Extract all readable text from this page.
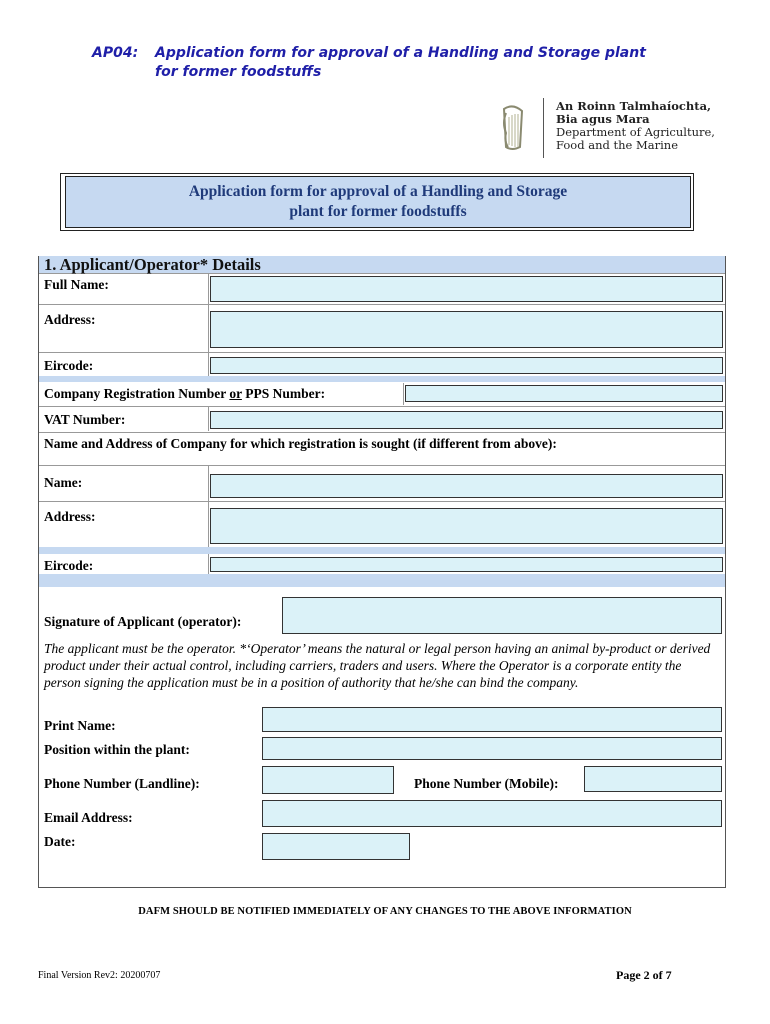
AP04: Application form for approval of a Handling and Storage plant
for former foodstuffs
An Roinn Talmhaíochta,
Bia agus Mara
Department of Agriculture,
Food and the Marine
Application form for approval of a Handling and Storage
plant for former foodstuffs
1. Applicant/Operator* Details
Full Name:
Address:
Eircode:
Company Registration Number or PPS Number:
VAT Number:
Name and Address of Company for which registration is sought (if different from above):
Name:
Address:
Eircode:
Signature of Applicant (operator):
The applicant must be the operator. *‘Operator’ means the natural or legal person having an animal by-product or derived product under their actual control, including carriers, traders and users. Where the Operator is a corporate entity the person signing the application must be in a position of authority that he/she can bind the company.
Print Name:
Position within the plant:
Phone Number (Landline):	Phone Number (Mobile):
Email Address:
Date:
DAFM SHOULD BE NOTIFIED IMMEDIATELY OF ANY CHANGES TO THE ABOVE INFORMATION
Final Version Rev2: 20200707	Page 2 of 7
